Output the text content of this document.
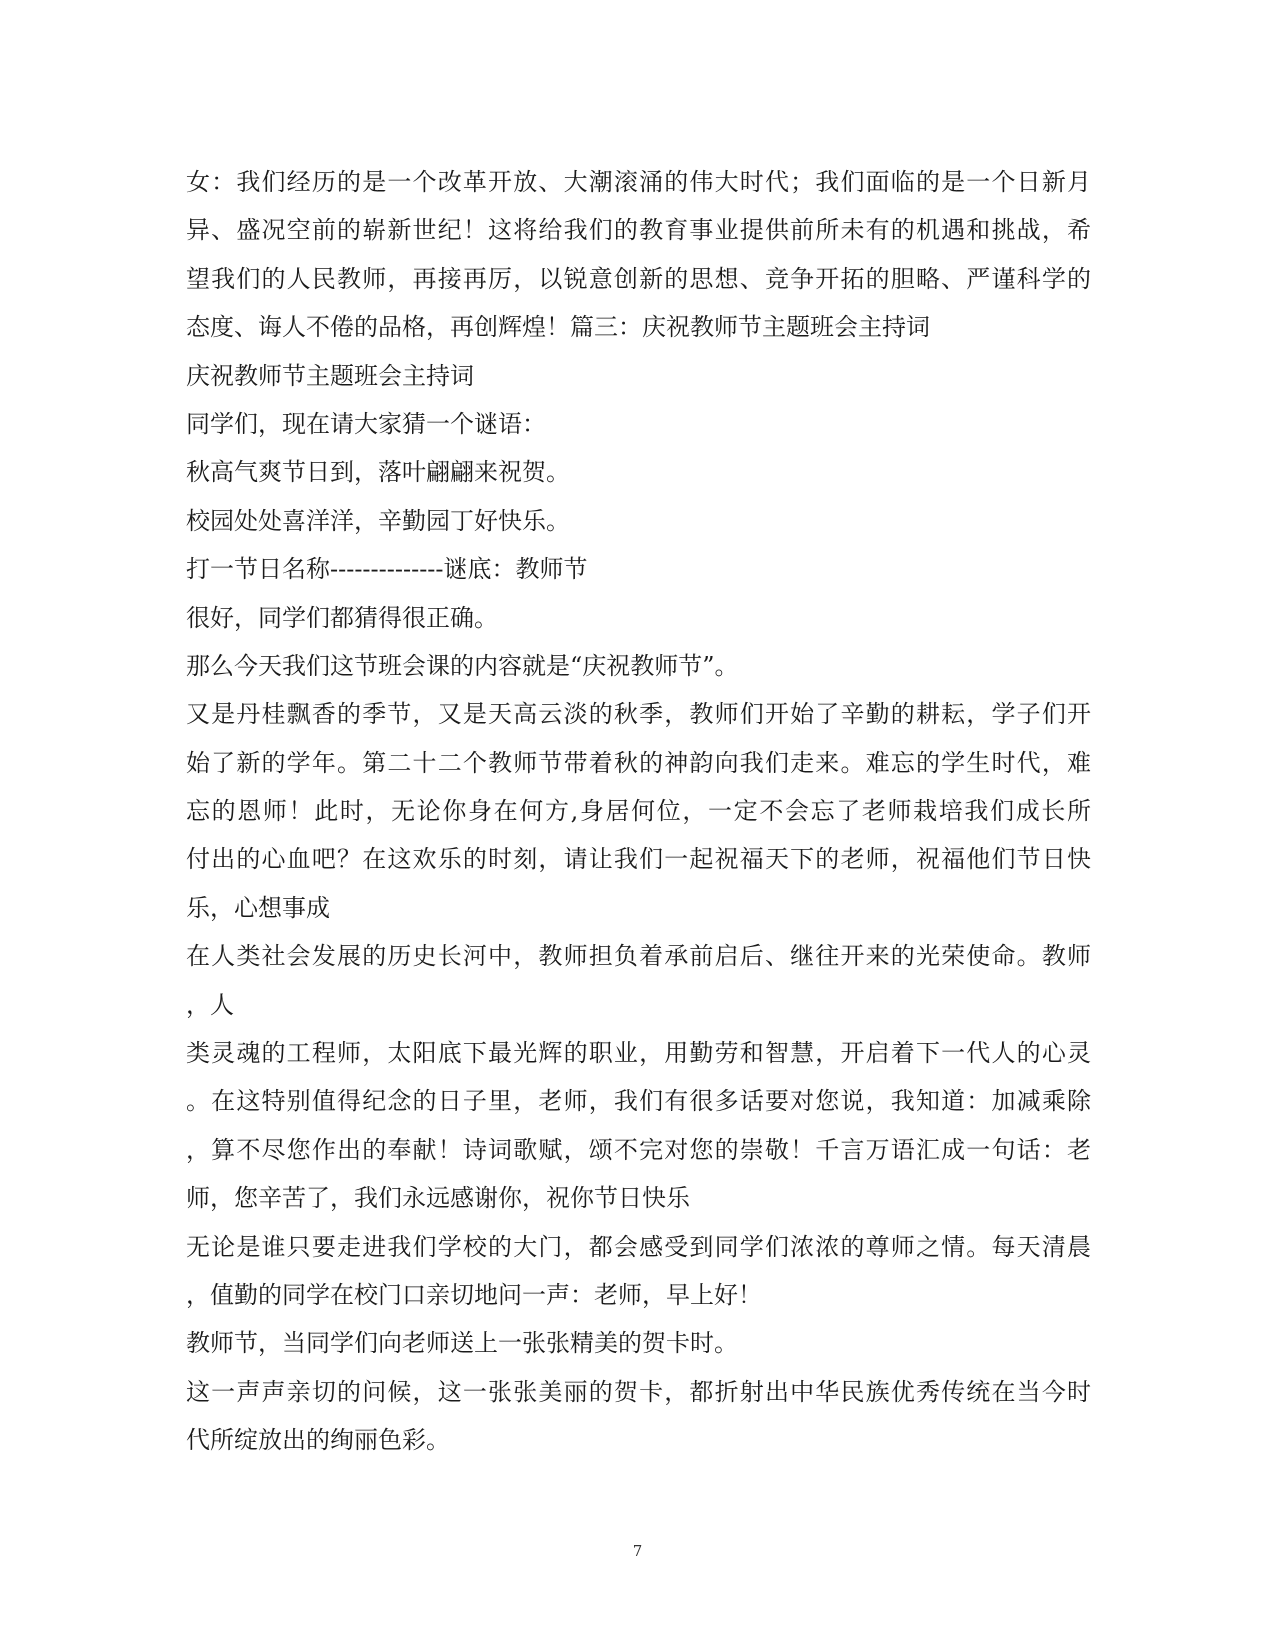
女：我们经历的是一个改革开放、大潮滚涌的伟大时代；我们面临的是一个日新月
异、盛况空前的崭新世纪！这将给我们的教育事业提供前所未有的机遇和挑战，希
望我们的人民教师，再接再厉，以锐意创新的思想、竞争开拓的胆略、严谨科学的
态度、诲人不倦的品格，再创辉煌！篇三：庆祝教师节主题班会主持词
庆祝教师节主题班会主持词
同学们，现在请大家猜一个谜语：
秋高气爽节日到，落叶翩翩来祝贺。
校园处处喜洋洋，辛勤园丁好快乐。
打一节日名称--------------谜底：教师节
很好，同学们都猜得很正确。
那么今天我们这节班会课的内容就是“庆祝教师节”。
又是丹桂飘香的季节，又是天高云淡的秋季，教师们开始了辛勤的耕耘，学子们开
始了新的学年。第二十二个教师节带着秋的神韵向我们走来。难忘的学生时代，难
忘的恩师！此时，无论你身在何方,身居何位，一定不会忘了老师栽培我们成长所
付出的心血吧？在这欢乐的时刻，请让我们一起祝福天下的老师，祝福他们节日快
乐，心想事成
在人类社会发展的历史长河中，教师担负着承前启后、继往开来的光荣使命。教师
，人
类灵魂的工程师，太阳底下最光辉的职业，用勤劳和智慧，开启着下一代人的心灵
。在这特别值得纪念的日子里，老师，我们有很多话要对您说，我知道：加减乘除
，算不尽您作出的奉献！诗词歌赋，颂不完对您的崇敬！千言万语汇成一句话：老
师，您辛苦了，我们永远感谢你，祝你节日快乐
无论是谁只要走进我们学校的大门，都会感受到同学们浓浓的尊师之情。每天清晨
，值勤的同学在校门口亲切地问一声：老师，早上好！
教师节，当同学们向老师送上一张张精美的贺卡时。
这一声声亲切的问候，这一张张美丽的贺卡，都折射出中华民族优秀传统在当今时
代所绽放出的绚丽色彩。
7
